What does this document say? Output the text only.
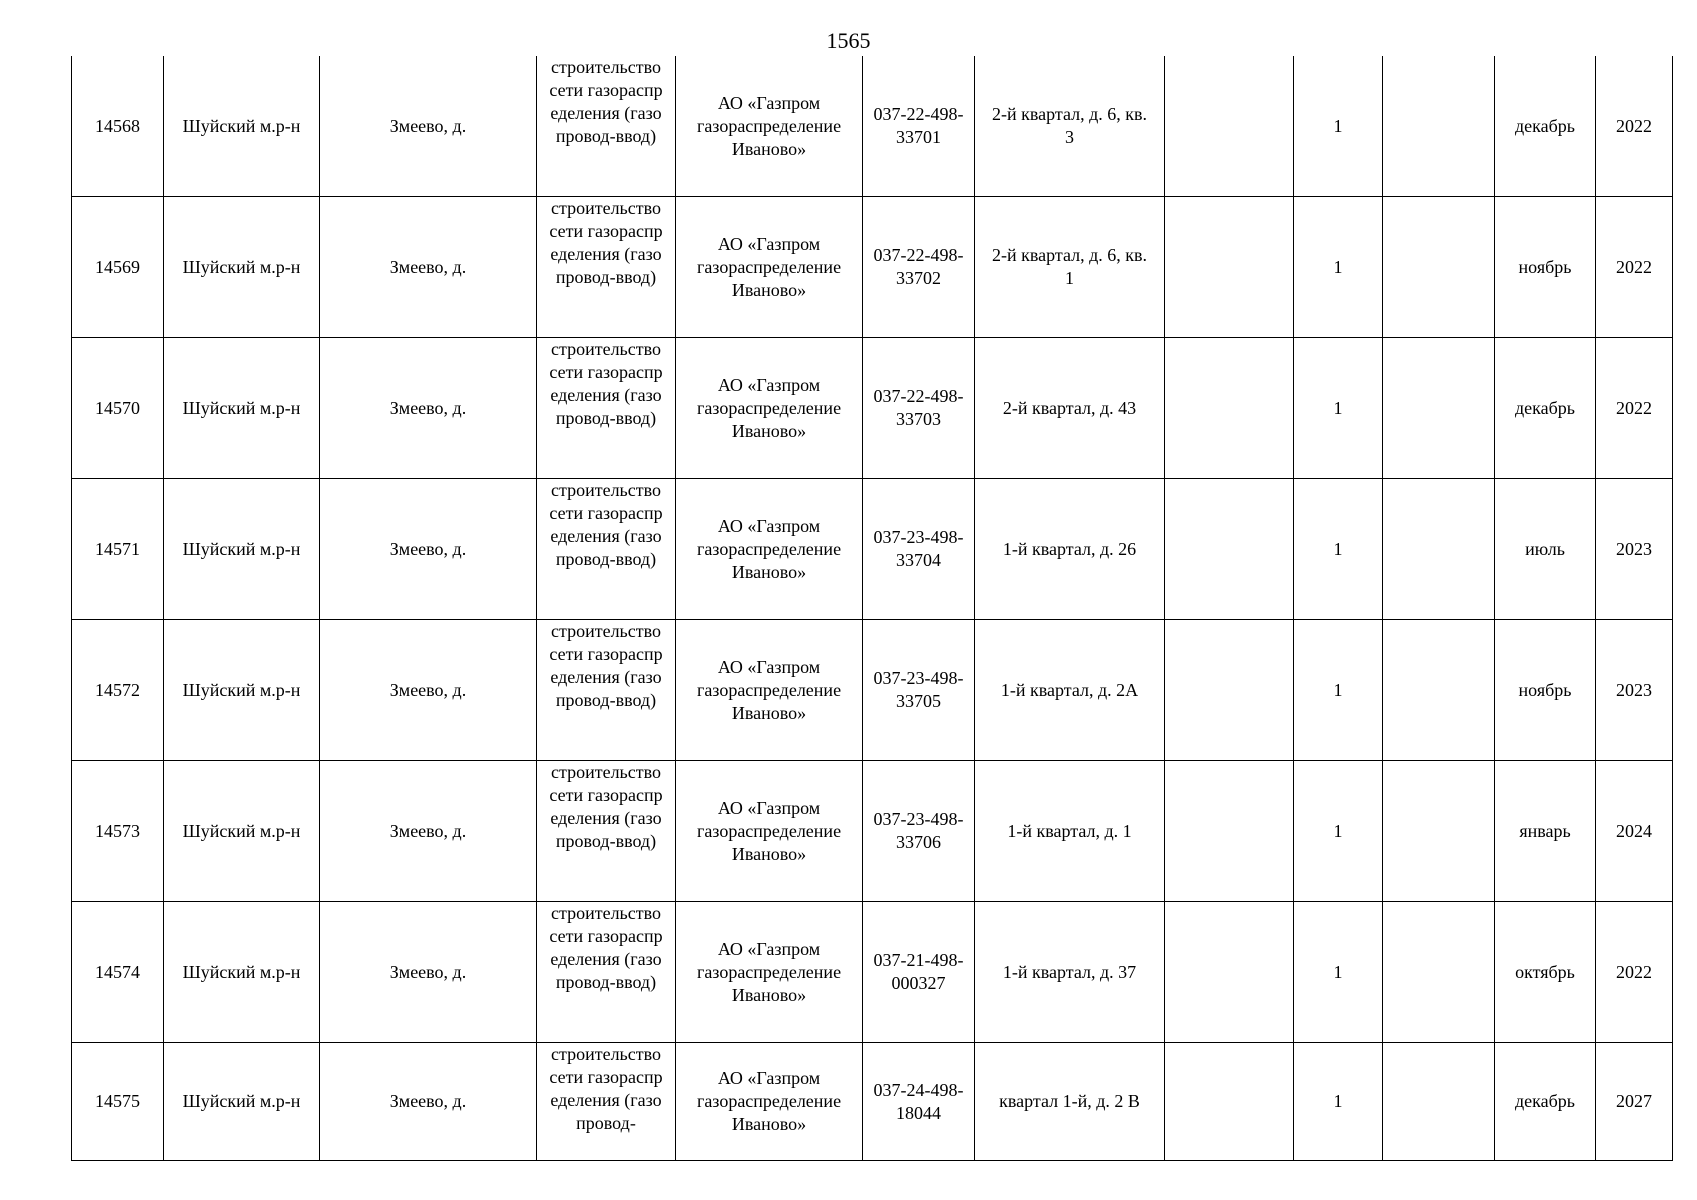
1565
14568	Шуйский м.р-н	Змеево, д.	строительство сети газораспределения (газопровод-ввод)	АО «Газпром газораспределение Иваново»	037-22-498-33701	2-й квартал, д. 6, кв. 3		1		декабрь	2022
14569	Шуйский м.р-н	Змеево, д.	строительство сети газораспределения (газопровод-ввод)	АО «Газпром газораспределение Иваново»	037-22-498-33702	2-й квартал, д. 6, кв. 1		1		ноябрь	2022
14570	Шуйский м.р-н	Змеево, д.	строительство сети газораспределения (газопровод-ввод)	АО «Газпром газораспределение Иваново»	037-22-498-33703	2-й квартал, д. 43		1		декабрь	2022
14571	Шуйский м.р-н	Змеево, д.	строительство сети газораспределения (газопровод-ввод)	АО «Газпром газораспределение Иваново»	037-23-498-33704	1-й квартал, д. 26		1		июль	2023
14572	Шуйский м.р-н	Змеево, д.	строительство сети газораспределения (газопровод-ввод)	АО «Газпром газораспределение Иваново»	037-23-498-33705	1-й квартал, д. 2А		1		ноябрь	2023
14573	Шуйский м.р-н	Змеево, д.	строительство сети газораспределения (газопровод-ввод)	АО «Газпром газораспределение Иваново»	037-23-498-33706	1-й квартал, д. 1		1		январь	2024
14574	Шуйский м.р-н	Змеево, д.	строительство сети газораспределения (газопровод-ввод)	АО «Газпром газораспределение Иваново»	037-21-498-000327	1-й квартал, д. 37		1		октябрь	2022
14575	Шуйский м.р-н	Змеево, д.	строительство сети газораспределения (газопровод-	АО «Газпром газораспределение Иваново»	037-24-498-18044	квартал 1-й, д. 2 В		1		декабрь	2027
